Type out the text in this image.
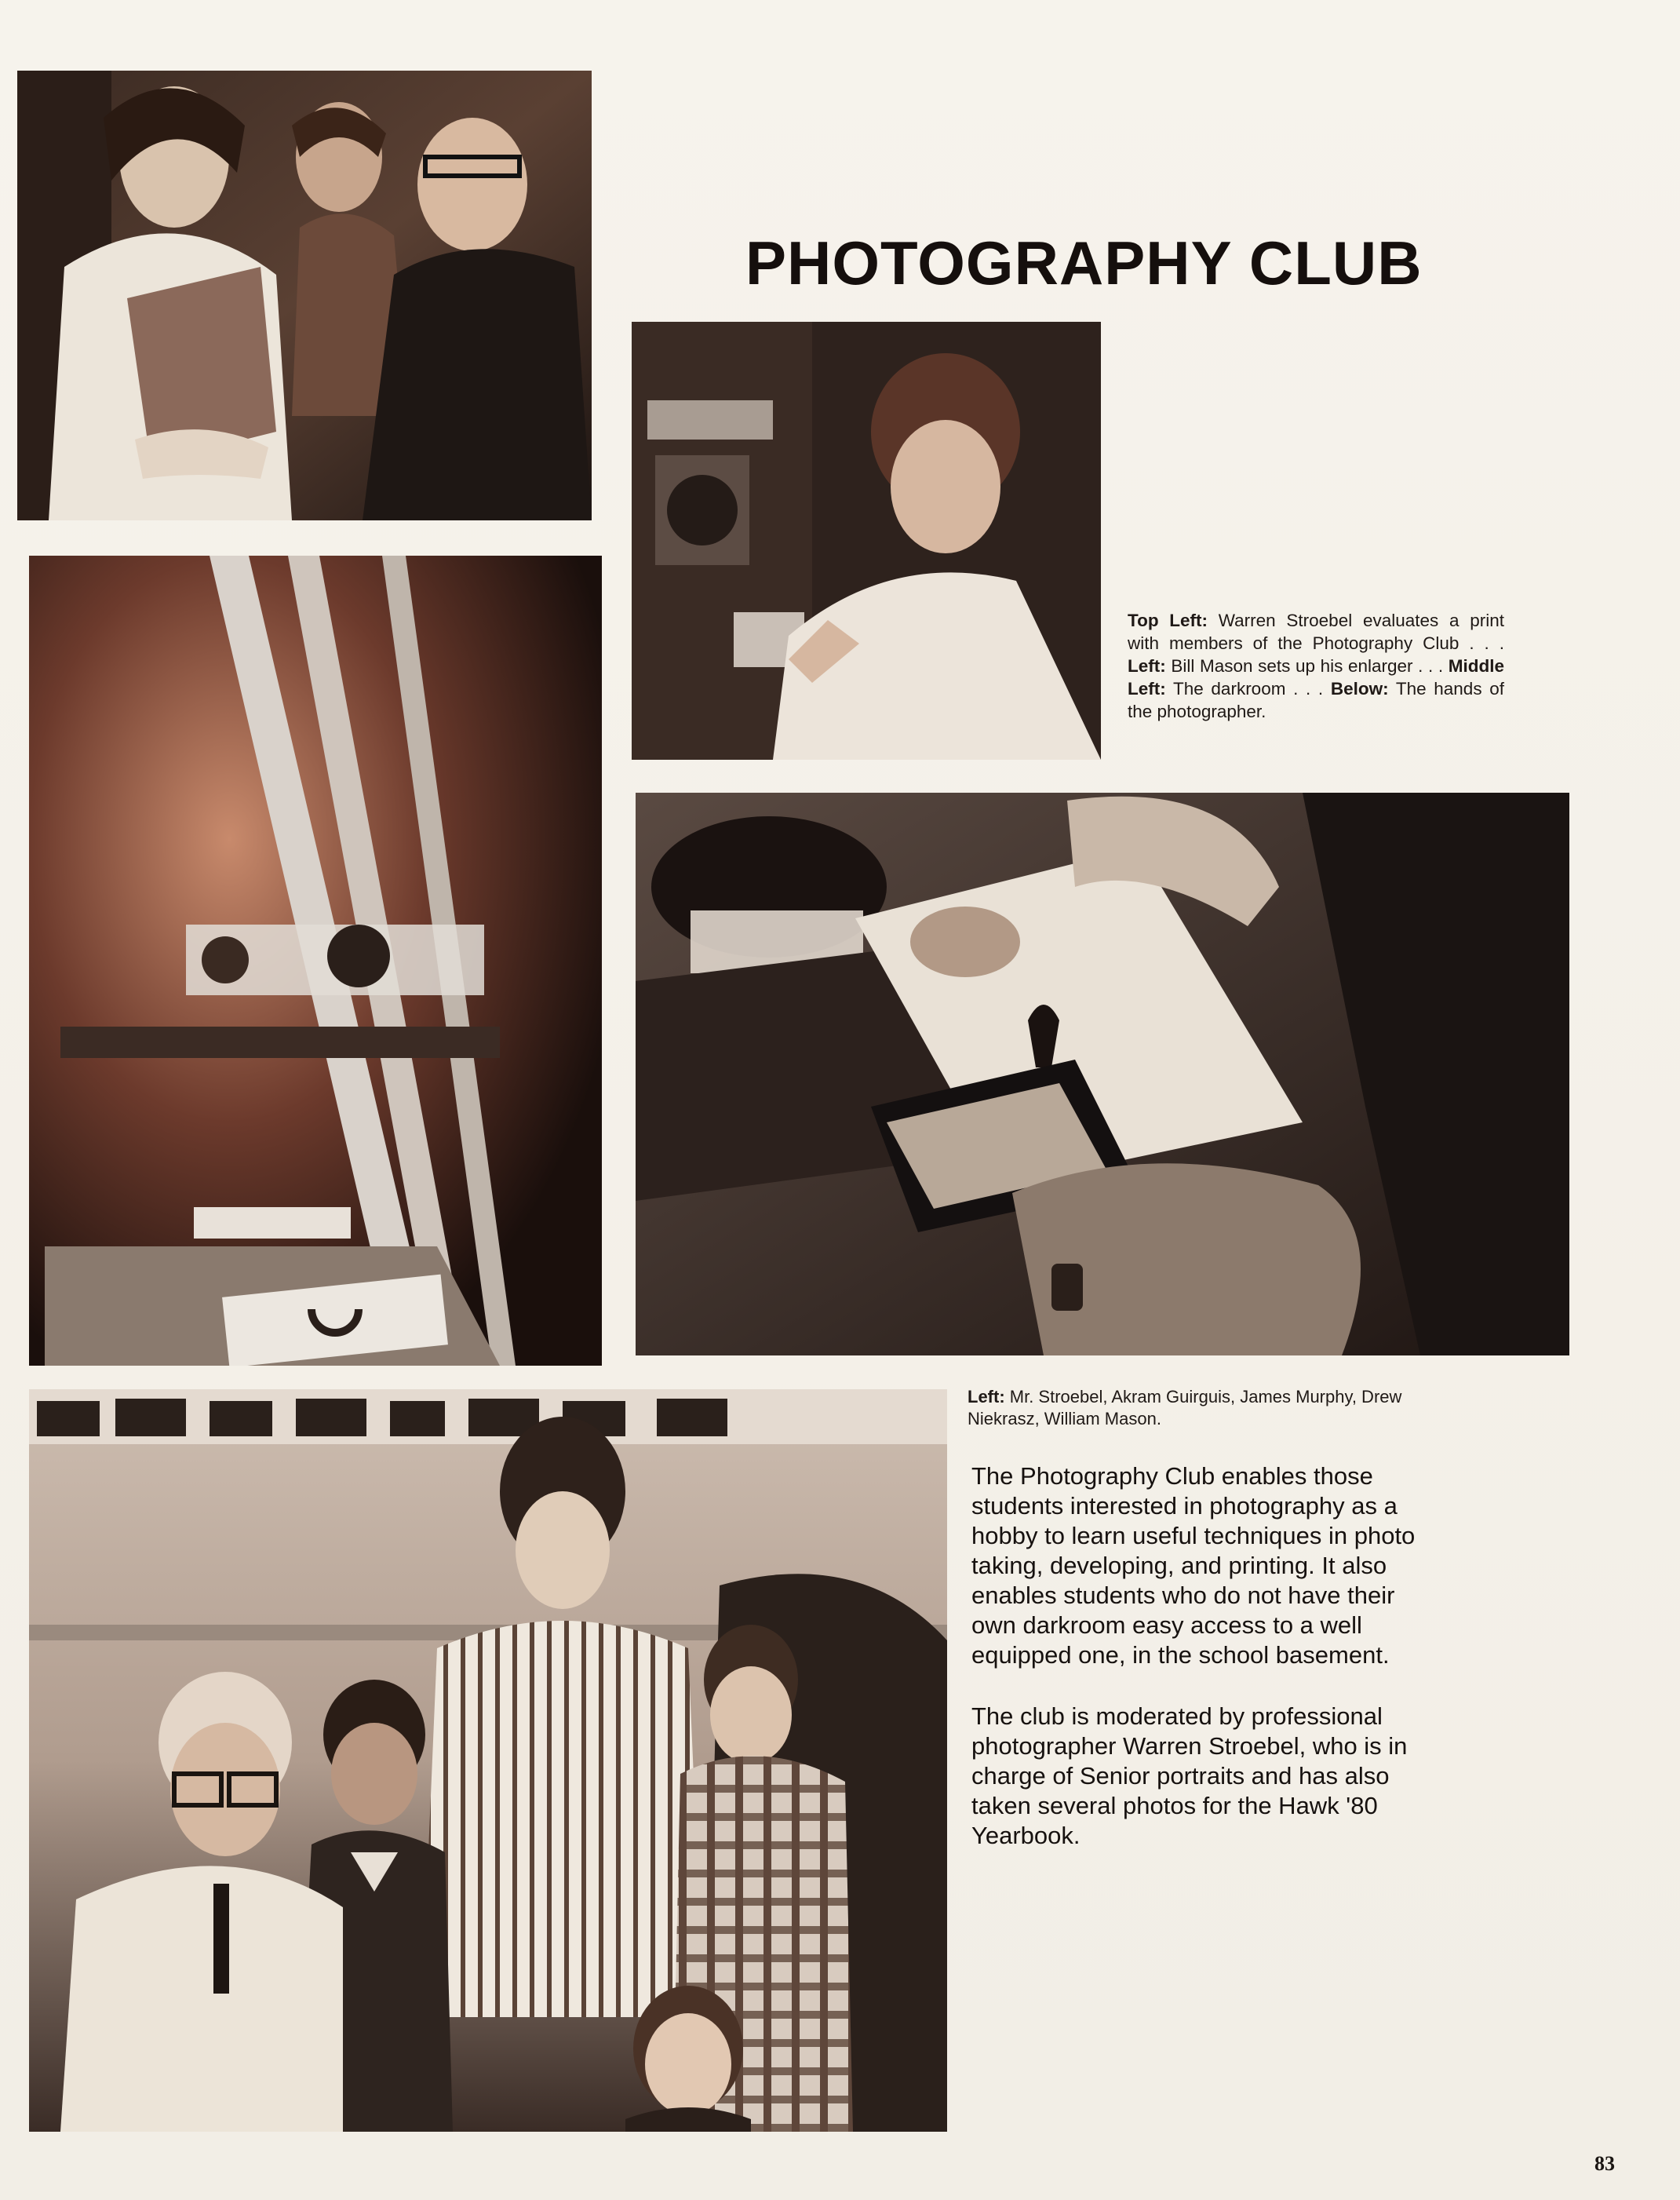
PHOTOGRAPHY CLUB
Top Left: Warren Stroebel evaluates a print with members of the Photography Club . . . Left: Bill Mason sets up his enlarger . . . Middle Left: The darkroom . . . Below: The hands of the photographer.
Left: Mr. Stroebel, Akram Guirguis, James Murphy, Drew Niekrasz, William Mason.

The Photography Club enables those students interested in photography as a hobby to learn useful techniques in photo taking, developing, and printing. It also enables students who do not have their own darkroom easy access to a well equipped one, in the school basement.

The club is moderated by professional photographer Warren Stroebel, who is in charge of Senior portraits and has also taken several photos for the Hawk '80 Yearbook.

83
